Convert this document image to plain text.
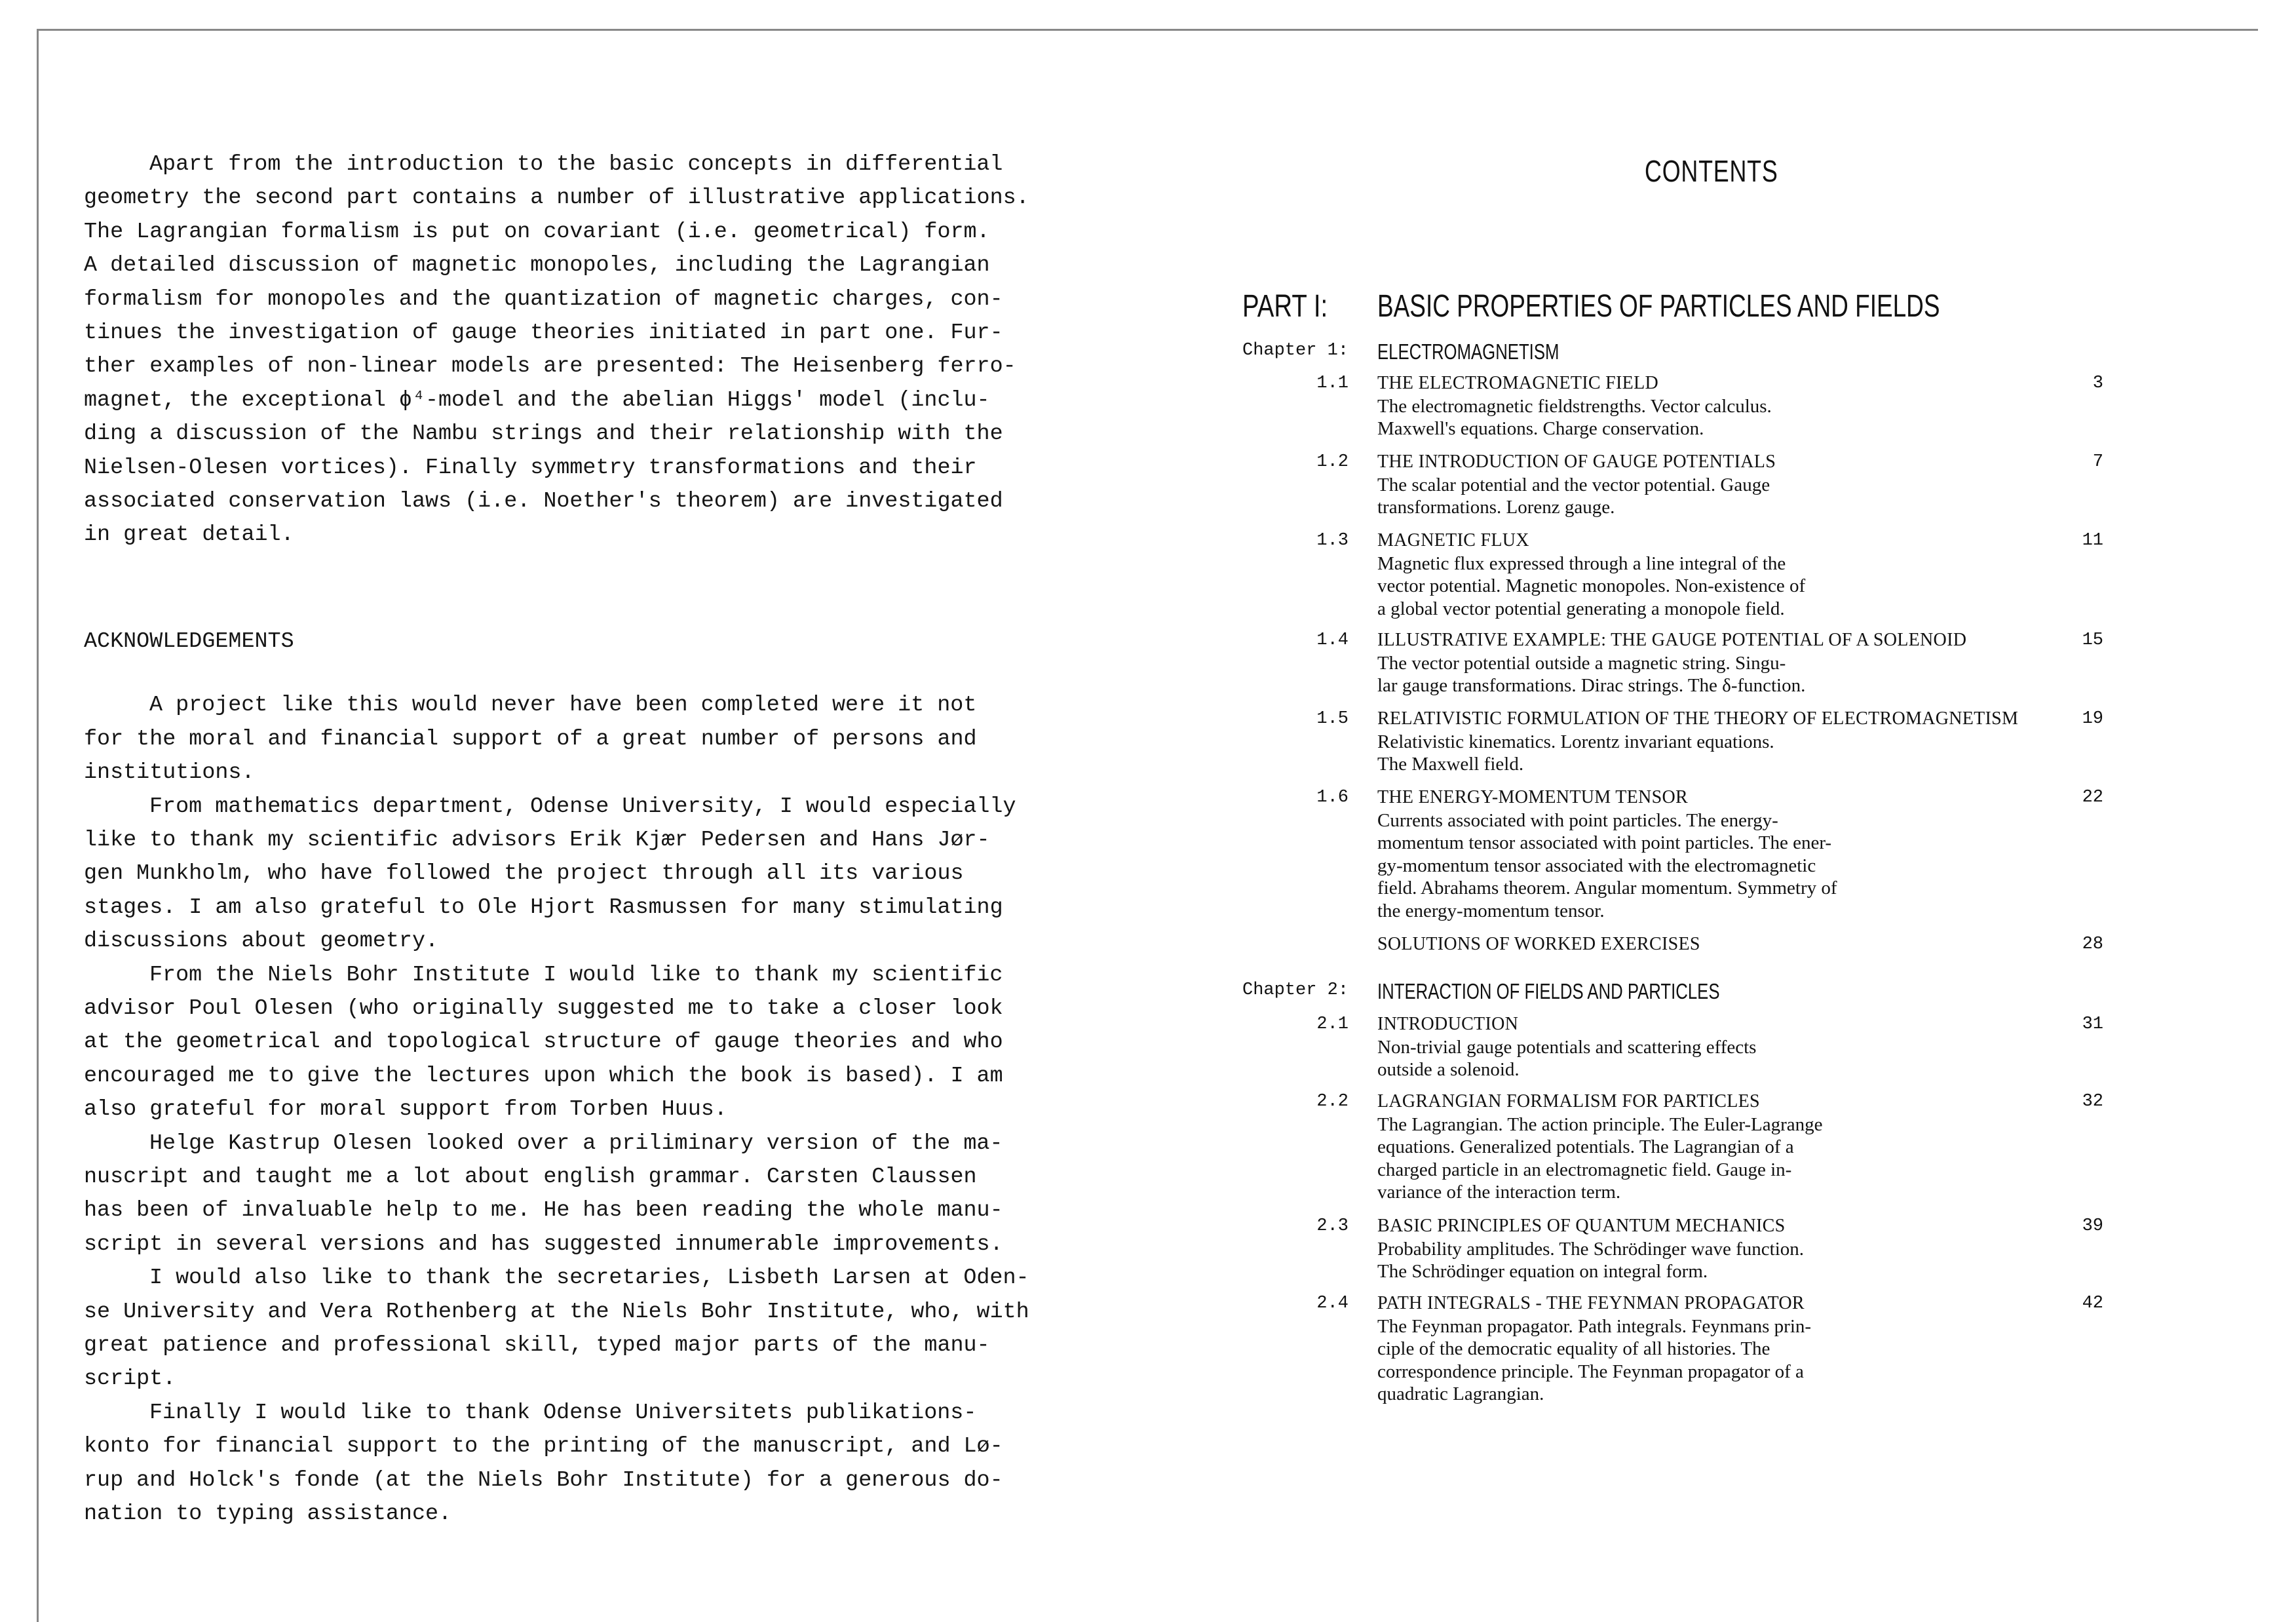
Apart from the introduction to the basic concepts in differential
geometry the second part contains a number of illustrative applications.
The Lagrangian formalism is put on covariant (i.e. geometrical) form.
A detailed discussion of magnetic monopoles, including the Lagrangian
formalism for monopoles and the quantization of magnetic charges, con-
tinues the investigation of gauge theories initiated in part one. Fur-
ther examples of non-linear models are presented: The Heisenberg ferro-
magnet, the exceptional ϕ⁴-model and the abelian Higgs' model (inclu-
ding a discussion of the Nambu strings and their relationship with the
Nielsen-Olesen vortices). Finally symmetry transformations and their
associated conservation laws (i.e. Noether's theorem) are investigated
in great detail.
ACKNOWLEDGEMENTS
A project like this would never have been completed were it not
for the moral and financial support of a great number of persons and
institutions.
From mathematics department, Odense University, I would especially
like to thank my scientific advisors Erik Kjær Pedersen and Hans Jør-
gen Munkholm, who have followed the project through all its various
stages. I am also grateful to Ole Hjort Rasmussen for many stimulating
discussions about geometry.
From the Niels Bohr Institute I would like to thank my scientific
advisor Poul Olesen (who originally suggested me to take a closer look
at the geometrical and topological structure of gauge theories and who
encouraged me to give the lectures upon which the book is based). I am
also grateful for moral support from Torben Huus.
Helge Kastrup Olesen looked over a priliminary version of the ma-
nuscript and taught me a lot about english grammar. Carsten Claussen
has been of invaluable help to me. He has been reading the whole manu-
script in several versions and has suggested innumerable improvements.
I would also like to thank the secretaries, Lisbeth Larsen at Oden-
se University and Vera Rothenberg at the Niels Bohr Institute, who, with
great patience and professional skill, typed major parts of the manu-
script.
Finally I would like to thank Odense Universitets publikations-
konto for financial support to the printing of the manuscript, and Lø-
rup and Holck's fonde (at the Niels Bohr Institute) for a generous do-
nation to typing assistance.
CONTENTS
PART I: BASIC PROPERTIES OF PARTICLES AND FIELDS
Chapter 1: ELECTROMAGNETISM
1.1 THE ELECTROMAGNETIC FIELD
The electromagnetic fieldstrengths. Vector calculus.
Maxwell's equations. Charge conservation.
3
1.2 THE INTRODUCTION OF GAUGE POTENTIALS
The scalar potential and the vector potential. Gauge
transformations. Lorenz gauge.
7
1.3 MAGNETIC FLUX
Magnetic flux expressed through a line integral of the
vector potential. Magnetic monopoles. Non-existence of
a global vector potential generating a monopole field.
11
1.4 ILLUSTRATIVE EXAMPLE: THE GAUGE POTENTIAL OF A SOLENOID
The vector potential outside a magnetic string. Singu-
lar gauge transformations. Dirac strings. The δ-function.
15
1.5 RELATIVISTIC FORMULATION OF THE THEORY OF ELECTROMAGNETISM
Relativistic kinematics. Lorentz invariant equations.
The Maxwell field.
19
1.6 THE ENERGY-MOMENTUM TENSOR
Currents associated with point particles. The energy-
momentum tensor associated with point particles. The ener-
gy-momentum tensor associated with the electromagnetic
field. Abrahams theorem. Angular momentum. Symmetry of
the energy-momentum tensor.
22
SOLUTIONS OF WORKED EXERCISES	28
Chapter 2: INTERACTION OF FIELDS AND PARTICLES
2.1 INTRODUCTION
Non-trivial gauge potentials and scattering effects
outside a solenoid.
31
2.2 LAGRANGIAN FORMALISM FOR PARTICLES
The Lagrangian. The action principle. The Euler-Lagrange
equations. Generalized potentials. The Lagrangian of a
charged particle in an electromagnetic field. Gauge in-
variance of the interaction term.
32
2.3 BASIC PRINCIPLES OF QUANTUM MECHANICS
Probability amplitudes. The Schrödinger wave function.
The Schrödinger equation on integral form.
39
2.4 PATH INTEGRALS - THE FEYNMAN PROPAGATOR
The Feynman propagator. Path integrals. Feynmans prin-
ciple of the democratic equality of all histories. The
correspondence principle. The Feynman propagator of a
quadratic Lagrangian.
42
